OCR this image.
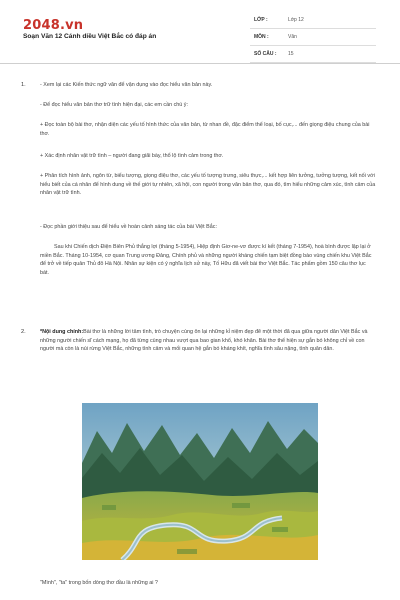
2048.vn
Soạn Văn 12 Cánh diều Việt Bắc có đáp án
LỚP :	Lớp 12
MÔN :	Văn
SỐ CÂU :	15
1.	- Xem lại các Kiến thức ngữ văn để vận dụng vào đọc hiểu văn bản này.
- Để đọc hiểu văn bản thơ trữ tình hiện đại, các em cần chú ý:
+ Đọc toàn bộ bài thơ, nhận diện các yếu tố hình thức của văn bản, từ nhan đề, đặc điểm thể loại, bố cục,... đến giọng điệu chung của bài thơ.
+ Xác định nhân vật trữ tình – người đang giãi bày, thổ lộ tình cảm trong thơ.
+ Phân tích hình ảnh, ngôn từ, biểu tượng, giọng điệu thơ, các yếu tố tượng trưng, siêu thực,... kết hợp liên tưởng, tưởng tượng, kết nối với hiểu biết của cá nhân để hình dung về thế giới tự nhiên, xã hội, con người trong văn bản thơ, qua đó, tìm hiểu những cảm xúc, tình cảm của nhân vật trữ tình.
- Đọc phần giới thiệu sau để hiểu về hoàn cảnh sáng tác của bài Việt Bắc:
Sau khi Chiến dịch Điện Biên Phủ thắng lợi (tháng 5-1954), Hiệp định Giơ-ne-vơ được kí kết (tháng 7-1954), hoà bình được lập lại ở miền Bắc. Tháng 10-1954, cơ quan Trung ương Đảng, Chính phủ và những người kháng chiến tạm biệt đồng bào vùng chiến khu Việt Bắc để trở về tiếp quản Thủ đô Hà Nội. Nhân sự kiện có ý nghĩa lịch sử này, Tố Hữu đã viết bài thơ Việt Bắc. Tác phẩm gồm 150 câu thơ lục bát.
2.	*Nội dung chính:Bài thơ là những lời tâm tình, trò chuyện cùng ôn lại những kỉ niệm đẹp đẽ một thời đã qua giữa người dân Việt Bắc và những người chiến sĩ cách mạng, họ đã từng cùng nhau vượt qua bao gian khổ, khó khăn. Bài thơ thể hiện sự gắn bó không chỉ về con người mà còn là núi rừng Việt Bắc, những tình cảm và mối quan hệ gắn bó kháng khít, nghĩa tình sâu nặng, tình quân dân.
"Mình", "ta" trong bốn dòng thơ đầu là những ai ?
